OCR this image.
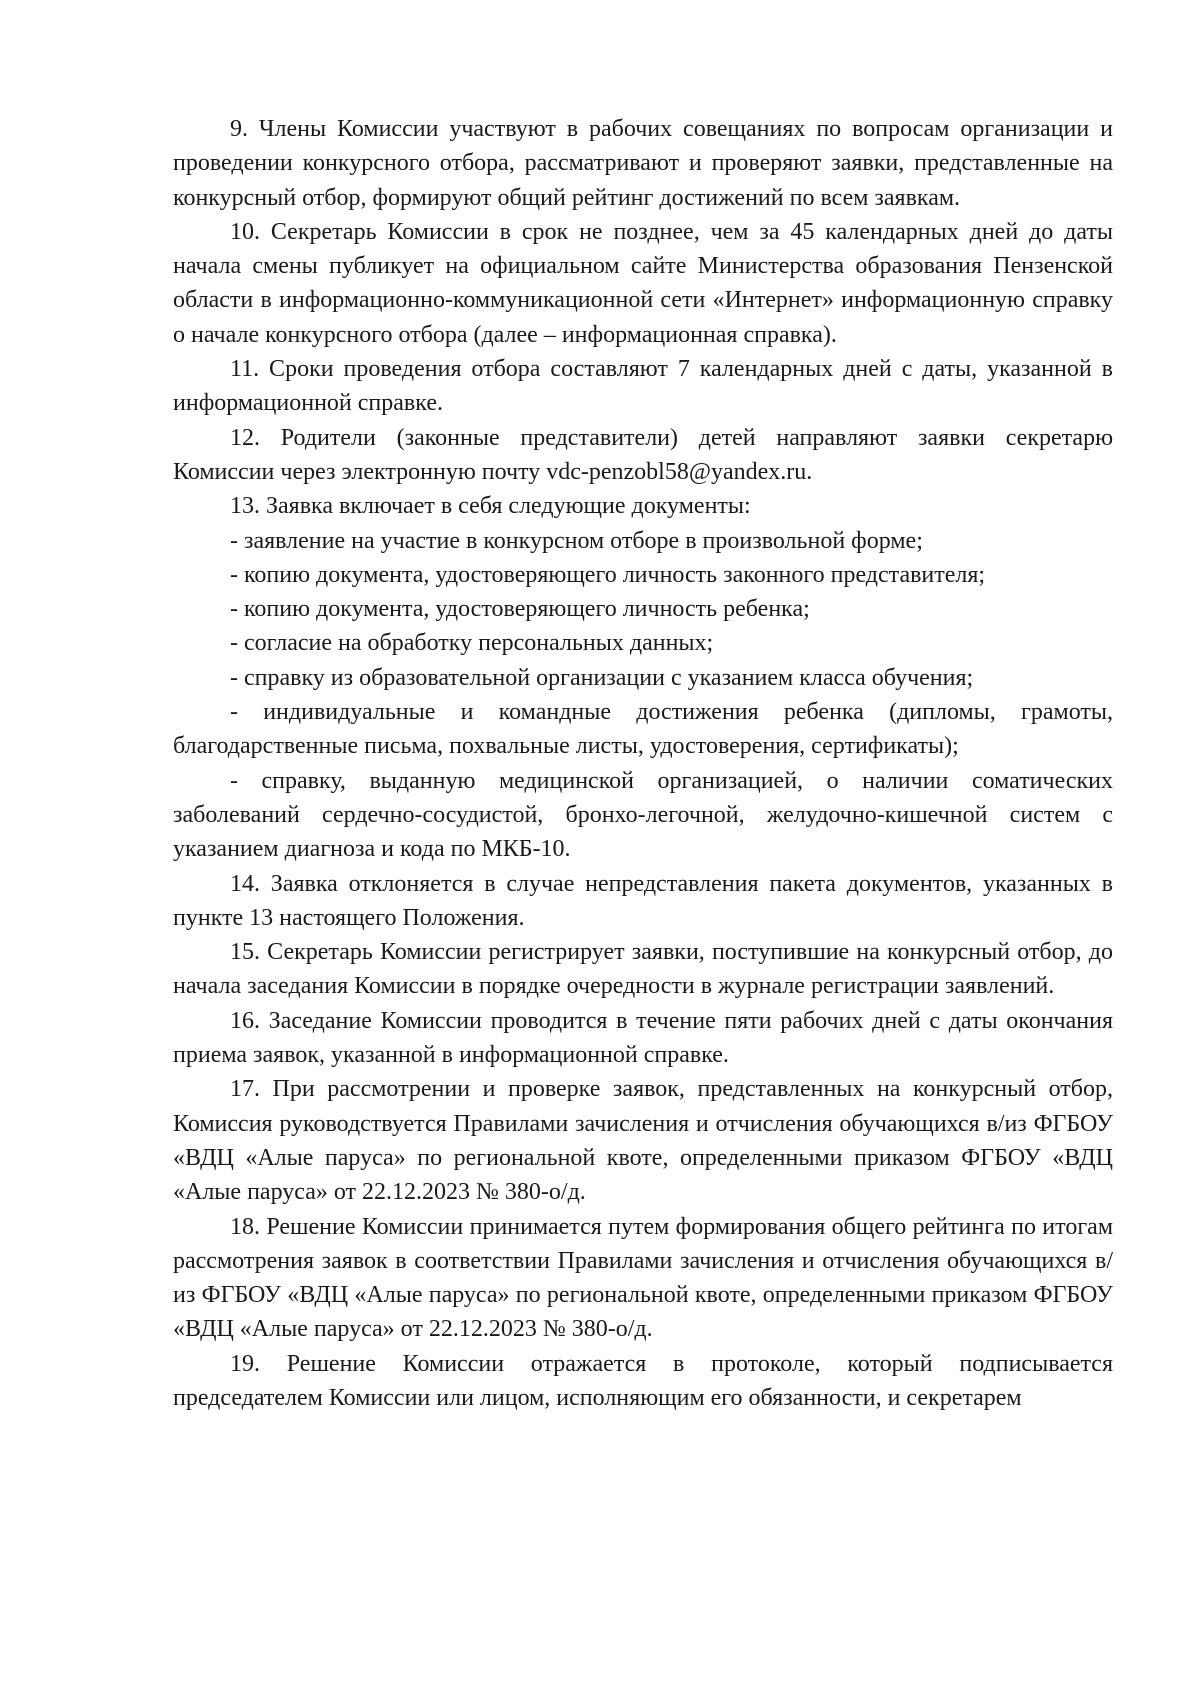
9. Члены Комиссии участвуют в рабочих совещаниях по вопросам организации и проведении конкурсного отбора, рассматривают и проверяют заявки, представленные на конкурсный отбор, формируют общий рейтинг достижений по всем заявкам.

10. Секретарь Комиссии в срок не позднее, чем за 45 календарных дней до даты начала смены публикует на официальном сайте Министерства образования Пензенской области в информационно-коммуникационной сети «Интернет» информационную справку о начале конкурсного отбора (далее – информационная справка).

11. Сроки проведения отбора составляют 7 календарных дней с даты, указанной в информационной справке.

12. Родители (законные представители) детей направляют заявки секретарю Комиссии через электронную почту vdc-penzobl58@yandex.ru.

13. Заявка включает в себя следующие документы:

- заявление на участие в конкурсном отборе в произвольной форме;

- копию документа, удостоверяющего личность законного представителя;

- копию документа, удостоверяющего личность ребенка;

- согласие на обработку персональных данных;

- справку из образовательной организации с указанием класса обучения;

- индивидуальные и командные достижения ребенка (дипломы, грамоты, благодарственные письма, похвальные листы, удостоверения, сертификаты);

- справку, выданную медицинской организацией, о наличии соматических заболеваний сердечно-сосудистой, бронхо-легочной, желудочно-кишечной систем с указанием диагноза и кода по МКБ-10.

14. Заявка отклоняется в случае непредставления пакета документов, указанных в пункте 13 настоящего Положения.

15. Секретарь Комиссии регистрирует заявки, поступившие на конкурсный отбор, до начала заседания Комиссии в порядке очередности в журнале регистрации заявлений.

16. Заседание Комиссии проводится в течение пяти рабочих дней с даты окончания приема заявок, указанной в информационной справке.

17. При рассмотрении и проверке заявок, представленных на конкурсный отбор, Комиссия руководствуется Правилами зачисления и отчисления обучающихся в/из ФГБОУ «ВДЦ «Алые паруса» по региональной квоте, определенными приказом ФГБОУ «ВДЦ «Алые паруса» от 22.12.2023 № 380-о/д.

18. Решение Комиссии принимается путем формирования общего рейтинга по итогам рассмотрения заявок в соответствии Правилами зачисления и отчисления обучающихся в/из ФГБОУ «ВДЦ «Алые паруса» по региональной квоте, определенными приказом ФГБОУ «ВДЦ «Алые паруса» от 22.12.2023 № 380-о/д.

19. Решение Комиссии отражается в протоколе, который подписывается председателем Комиссии или лицом, исполняющим его обязанности, и секретарем
